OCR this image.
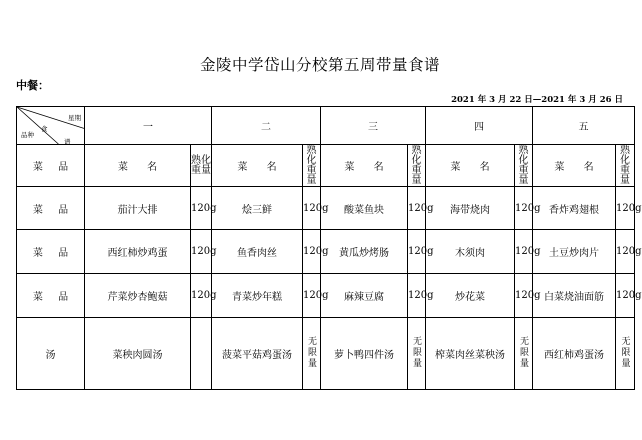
金陵中学岱山分校第五周带量食谱
中餐：
2021 年 3 月 22 日—2021 年 3 月 26 日
星期
食
谱
品种	一		二		三		四		五	
菜 品	菜 名	熟化重量	菜 名	熟化重量	菜 名	熟化重量	菜 名	熟化重量	菜 名	熟化重量
菜 品	茄汁大排	120g	烩三鲜	120g	酸菜鱼块	120g	海带烧肉	120g	香炸鸡翅根	120g
菜 品	西红柿炒鸡蛋	120g	鱼香肉丝	120g	黄瓜炒烤肠	120g	木须肉	120g	土豆炒肉片	120g
菜 品	芹菜炒杏鲍菇	120g	青菜炒年糕	120g	麻辣豆腐	120g	炒花菜	120g	白菜烧油面筋	120g
汤	菜秧肉圆汤		菠菜平菇鸡蛋汤	无限量	萝卜鸭四件汤	无限量	榨菜肉丝菜秧汤	无限量	西红柿鸡蛋汤	无限量
